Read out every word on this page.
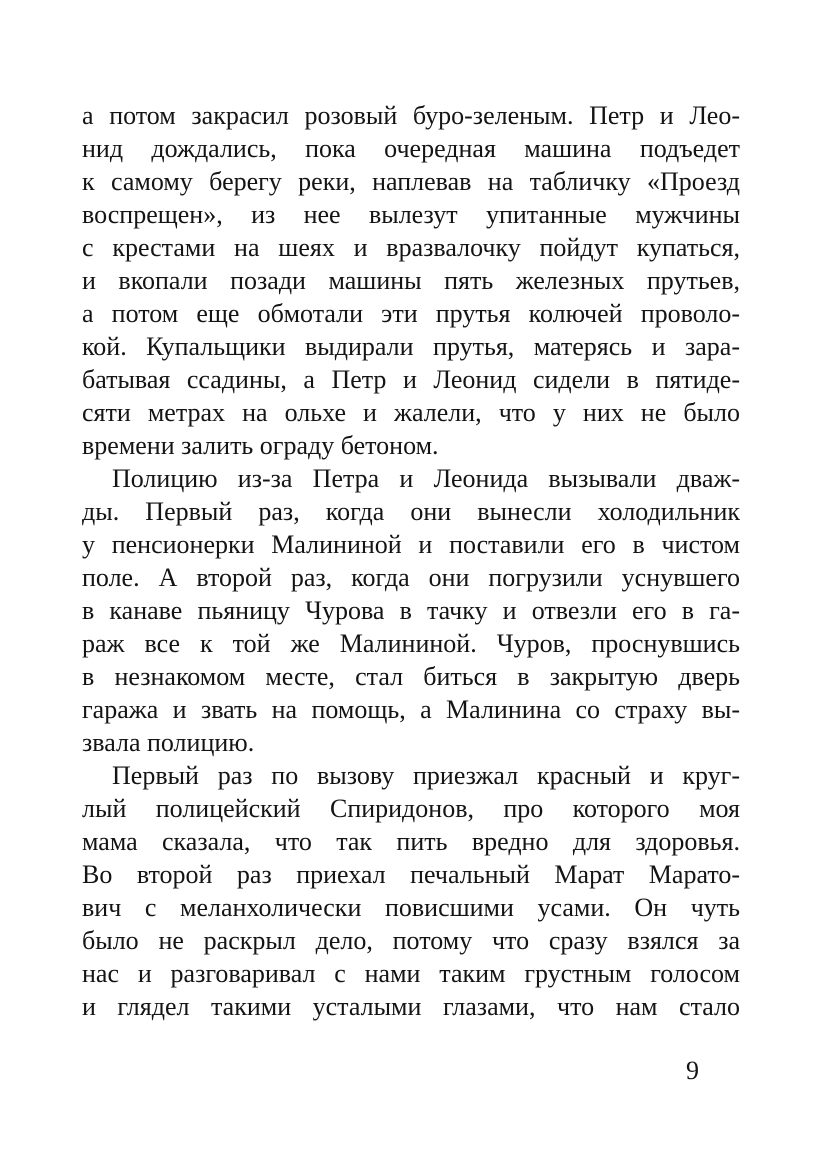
а потом закрасил розовый буро-зеленым. Петр и Лео-
нид дождались, пока очередная машина подъедет
к самому берегу реки, наплевав на табличку «Проезд
воспрещен», из нее вылезут упитанные мужчины
с крестами на шеях и вразвалочку пойдут купаться,
и вкопали позади машины пять железных прутьев,
а потом еще обмотали эти прутья колючей проволо-
кой. Купальщики выдирали прутья, матерясь и зара-
батывая ссадины, а Петр и Леонид сидели в пятиде-
сяти метрах на ольхе и жалели, что у них не было
времени залить ограду бетоном.
Полицию из-за Петра и Леонида вызывали дваж-
ды. Первый раз, когда они вынесли холодильник
у пенсионерки Малининой и поставили его в чистом
поле. А второй раз, когда они погрузили уснувшего
в канаве пьяницу Чурова в тачку и отвезли его в га-
раж все к той же Малининой. Чуров, проснувшись
в незнакомом месте, стал биться в закрытую дверь
гаража и звать на помощь, а Малинина со страху вы-
звала полицию.
Первый раз по вызову приезжал красный и круг-
лый полицейский Спиридонов, про которого моя
мама сказала, что так пить вредно для здоровья.
Во второй раз приехал печальный Марат Марато-
вич с меланхолически повисшими усами. Он чуть
было не раскрыл дело, потому что сразу взялся за
нас и разговаривал с нами таким грустным голосом
и глядел такими усталыми глазами, что нам стало
9
